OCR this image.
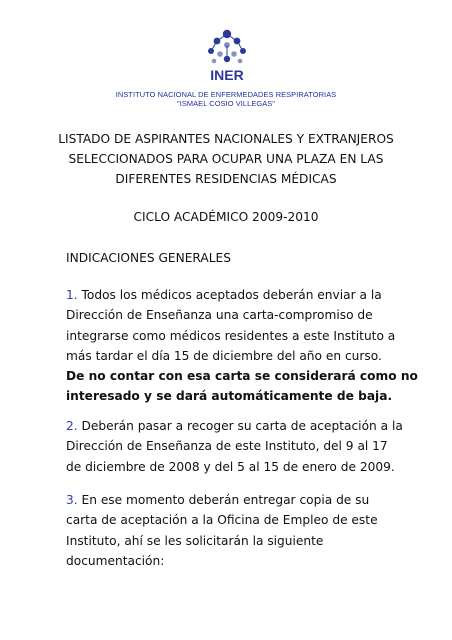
INER
INSTITUTO NACIONAL DE ENFERMEDADES RESPIRATORIAS
"ISMAEL COSIO VILLEGAS"
LISTADO DE ASPIRANTES NACIONALES Y EXTRANJEROS
SELECCIONADOS PARA OCUPAR UNA PLAZA EN LAS
DIFERENTES RESIDENCIAS MÉDICAS
CICLO ACADÉMICO 2009-2010
INDICACIONES GENERALES
1. Todos los médicos aceptados deberán enviar a la
Dirección de Enseñanza una carta-compromiso de
integrarse como médicos residentes a este Instituto a
más tardar el día 15 de diciembre del año en curso.
De no contar con esa carta se considerará como no
interesado y se dará automáticamente de baja.
2. Deberán pasar a recoger su carta de aceptación a la
Dirección de Enseñanza de este Instituto, del 9 al 17
de diciembre de 2008 y del 5 al 15 de enero de 2009.
3. En ese momento deberán entregar copia de su
carta de aceptación a la Oficina de Empleo de este
Instituto, ahí se les solicitarán la siguiente
documentación:
